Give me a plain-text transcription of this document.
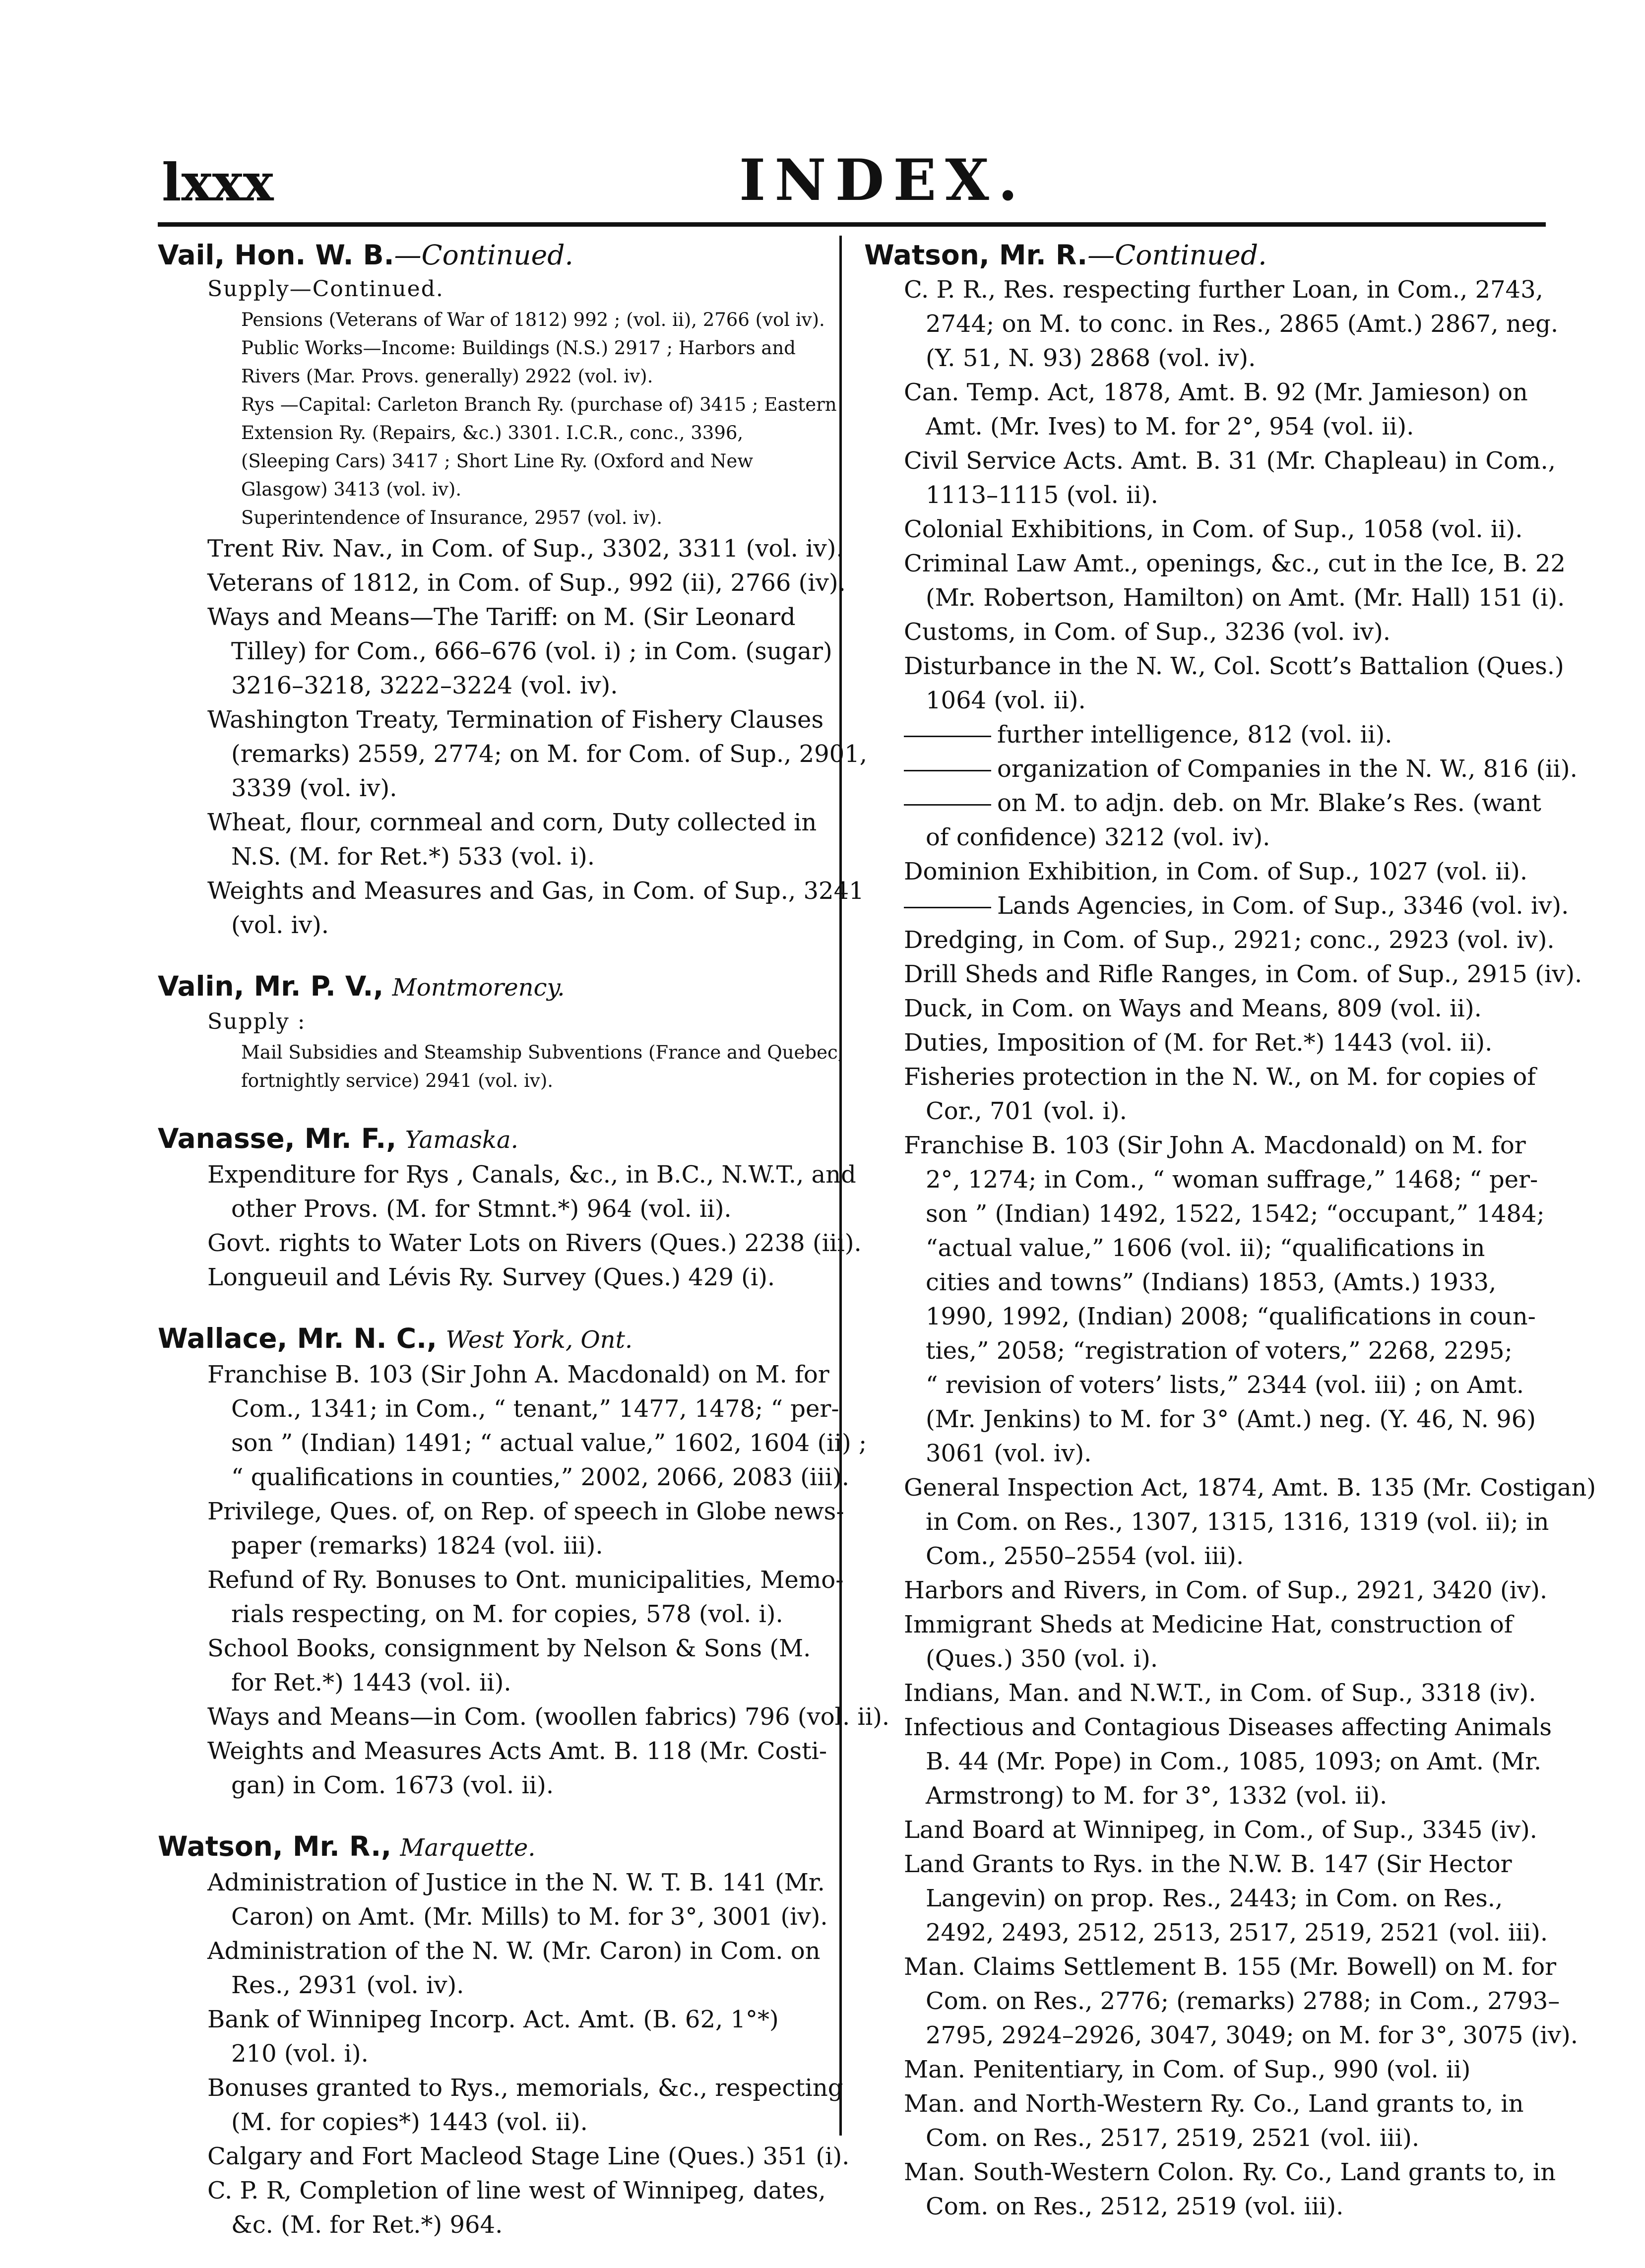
lxxx	INDEX.
Vail, Hon. W. B.—Continued.
Supply—Continued.
Pensions (Veterans of War of 1812) 992 ; (vol. ii), 2766 (vol iv).
Public Works—Income: Buildings (N.S.) 2917 ; Harbors and
Rivers (Mar. Provs. generally) 2922 (vol. iv).
Rys —Capital: Carleton Branch Ry. (purchase of) 3415 ; Eastern
Extension Ry. (Repairs, &c.) 3301. I.C.R., conc., 3396,
(Sleeping Cars) 3417 ; Short Line Ry. (Oxford and New
Glasgow) 3413 (vol. iv).
Superintendence of Insurance, 2957 (vol. iv).
Trent Riv. Nav., in Com. of Sup., 3302, 3311 (vol. iv).
Veterans of 1812, in Com. of Sup., 992 (ii), 2766 (iv).
Ways and Means—The Tariff: on M. (Sir Leonard
Tilley) for Com., 666–676 (vol. i) ; in Com. (sugar)
3216–3218, 3222–3224 (vol. iv).
Washington Treaty, Termination of Fishery Clauses
(remarks) 2559, 2774; on M. for Com. of Sup., 2901,
3339 (vol. iv).
Wheat, flour, cornmeal and corn, Duty collected in
N.S. (M. for Ret.*) 533 (vol. i).
Weights and Measures and Gas, in Com. of Sup., 3241
(vol. iv).
Valin, Mr. P. V., Montmorency.
Supply :
Mail Subsidies and Steamship Subventions (France and Quebec,
fortnightly service) 2941 (vol. iv).
Vanasse, Mr. F., Yamaska.
Expenditure for Rys , Canals, &c., in B.C., N.W.T., and
other Provs. (M. for Stmnt.*) 964 (vol. ii).
Govt. rights to Water Lots on Rivers (Ques.) 2238 (iii).
Longueuil and Lévis Ry. Survey (Ques.) 429 (i).
Wallace, Mr. N. C., West York, Ont.
Franchise B. 103 (Sir John A. Macdonald) on M. for
Com., 1341; in Com., “ tenant,” 1477, 1478; “ per-
son ” (Indian) 1491; “ actual value,” 1602, 1604 (ii) ;
“ qualifications in counties,” 2002, 2066, 2083 (iii).
Privilege, Ques. of, on Rep. of speech in Globe news-
paper (remarks) 1824 (vol. iii).
Refund of Ry. Bonuses to Ont. municipalities, Memo-
rials respecting, on M. for copies, 578 (vol. i).
School Books, consignment by Nelson & Sons (M.
for Ret.*) 1443 (vol. ii).
Ways and Means—in Com. (woollen fabrics) 796 (vol. ii).
Weights and Measures Acts Amt. B. 118 (Mr. Costi-
gan) in Com. 1673 (vol. ii).
Watson, Mr. R., Marquette.
Administration of Justice in the N. W. T. B. 141 (Mr.
Caron) on Amt. (Mr. Mills) to M. for 3°, 3001 (iv).
Administration of the N. W. (Mr. Caron) in Com. on
Res., 2931 (vol. iv).
Bank of Winnipeg Incorp. Act. Amt. (B. 62, 1°*)
210 (vol. i).
Bonuses granted to Rys., memorials, &c., respecting
(M. for copies*) 1443 (vol. ii).
Calgary and Fort Macleod Stage Line (Ques.) 351 (i).
C. P. R, Completion of line west of Winnipeg, dates,
&c. (M. for Ret.*) 964.
Watson, Mr. R.—Continued.
C. P. R., Res. respecting further Loan, in Com., 2743,
2744; on M. to conc. in Res., 2865 (Amt.) 2867, neg.
(Y. 51, N. 93) 2868 (vol. iv).
Can. Temp. Act, 1878, Amt. B. 92 (Mr. Jamieson) on
Amt. (Mr. Ives) to M. for 2°, 954 (vol. ii).
Civil Service Acts. Amt. B. 31 (Mr. Chapleau) in Com.,
1113–1115 (vol. ii).
Colonial Exhibitions, in Com. of Sup., 1058 (vol. ii).
Criminal Law Amt., openings, &c., cut in the Ice, B. 22
(Mr. Robertson, Hamilton) on Amt. (Mr. Hall) 151 (i).
Customs, in Com. of Sup., 3236 (vol. iv).
Disturbance in the N. W., Col. Scott’s Battalion (Ques.)
1064 (vol. ii).
further intelligence, 812 (vol. ii).
organization of Companies in the N. W., 816 (ii).
on M. to adjn. deb. on Mr. Blake’s Res. (want
of confidence) 3212 (vol. iv).
Dominion Exhibition, in Com. of Sup., 1027 (vol. ii).
Lands Agencies, in Com. of Sup., 3346 (vol. iv).
Dredging, in Com. of Sup., 2921; conc., 2923 (vol. iv).
Drill Sheds and Rifle Ranges, in Com. of Sup., 2915 (iv).
Duck, in Com. on Ways and Means, 809 (vol. ii).
Duties, Imposition of (M. for Ret.*) 1443 (vol. ii).
Fisheries protection in the N. W., on M. for copies of
Cor., 701 (vol. i).
Franchise B. 103 (Sir John A. Macdonald) on M. for
2°, 1274; in Com., “ woman suffrage,” 1468; “ per-
son ” (Indian) 1492, 1522, 1542; “occupant,” 1484;
“actual value,” 1606 (vol. ii); “qualifications in
cities and towns” (Indians) 1853, (Amts.) 1933,
1990, 1992, (Indian) 2008; “qualifications in coun-
ties,” 2058; “registration of voters,” 2268, 2295;
“ revision of voters’ lists,” 2344 (vol. iii) ; on Amt.
(Mr. Jenkins) to M. for 3° (Amt.) neg. (Y. 46, N. 96)
3061 (vol. iv).
General Inspection Act, 1874, Amt. B. 135 (Mr. Costigan)
in Com. on Res., 1307, 1315, 1316, 1319 (vol. ii); in
Com., 2550–2554 (vol. iii).
Harbors and Rivers, in Com. of Sup., 2921, 3420 (iv).
Immigrant Sheds at Medicine Hat, construction of
(Ques.) 350 (vol. i).
Indians, Man. and N.W.T., in Com. of Sup., 3318 (iv).
Infectious and Contagious Diseases affecting Animals
B. 44 (Mr. Pope) in Com., 1085, 1093; on Amt. (Mr.
Armstrong) to M. for 3°, 1332 (vol. ii).
Land Board at Winnipeg, in Com., of Sup., 3345 (iv).
Land Grants to Rys. in the N.W. B. 147 (Sir Hector
Langevin) on prop. Res., 2443; in Com. on Res.,
2492, 2493, 2512, 2513, 2517, 2519, 2521 (vol. iii).
Man. Claims Settlement B. 155 (Mr. Bowell) on M. for
Com. on Res., 2776; (remarks) 2788; in Com., 2793–
2795, 2924–2926, 3047, 3049; on M. for 3°, 3075 (iv).
Man. Penitentiary, in Com. of Sup., 990 (vol. ii)
Man. and North-Western Ry. Co., Land grants to, in
Com. on Res., 2517, 2519, 2521 (vol. iii).
Man. South-Western Colon. Ry. Co., Land grants to, in
Com. on Res., 2512, 2519 (vol. iii).
